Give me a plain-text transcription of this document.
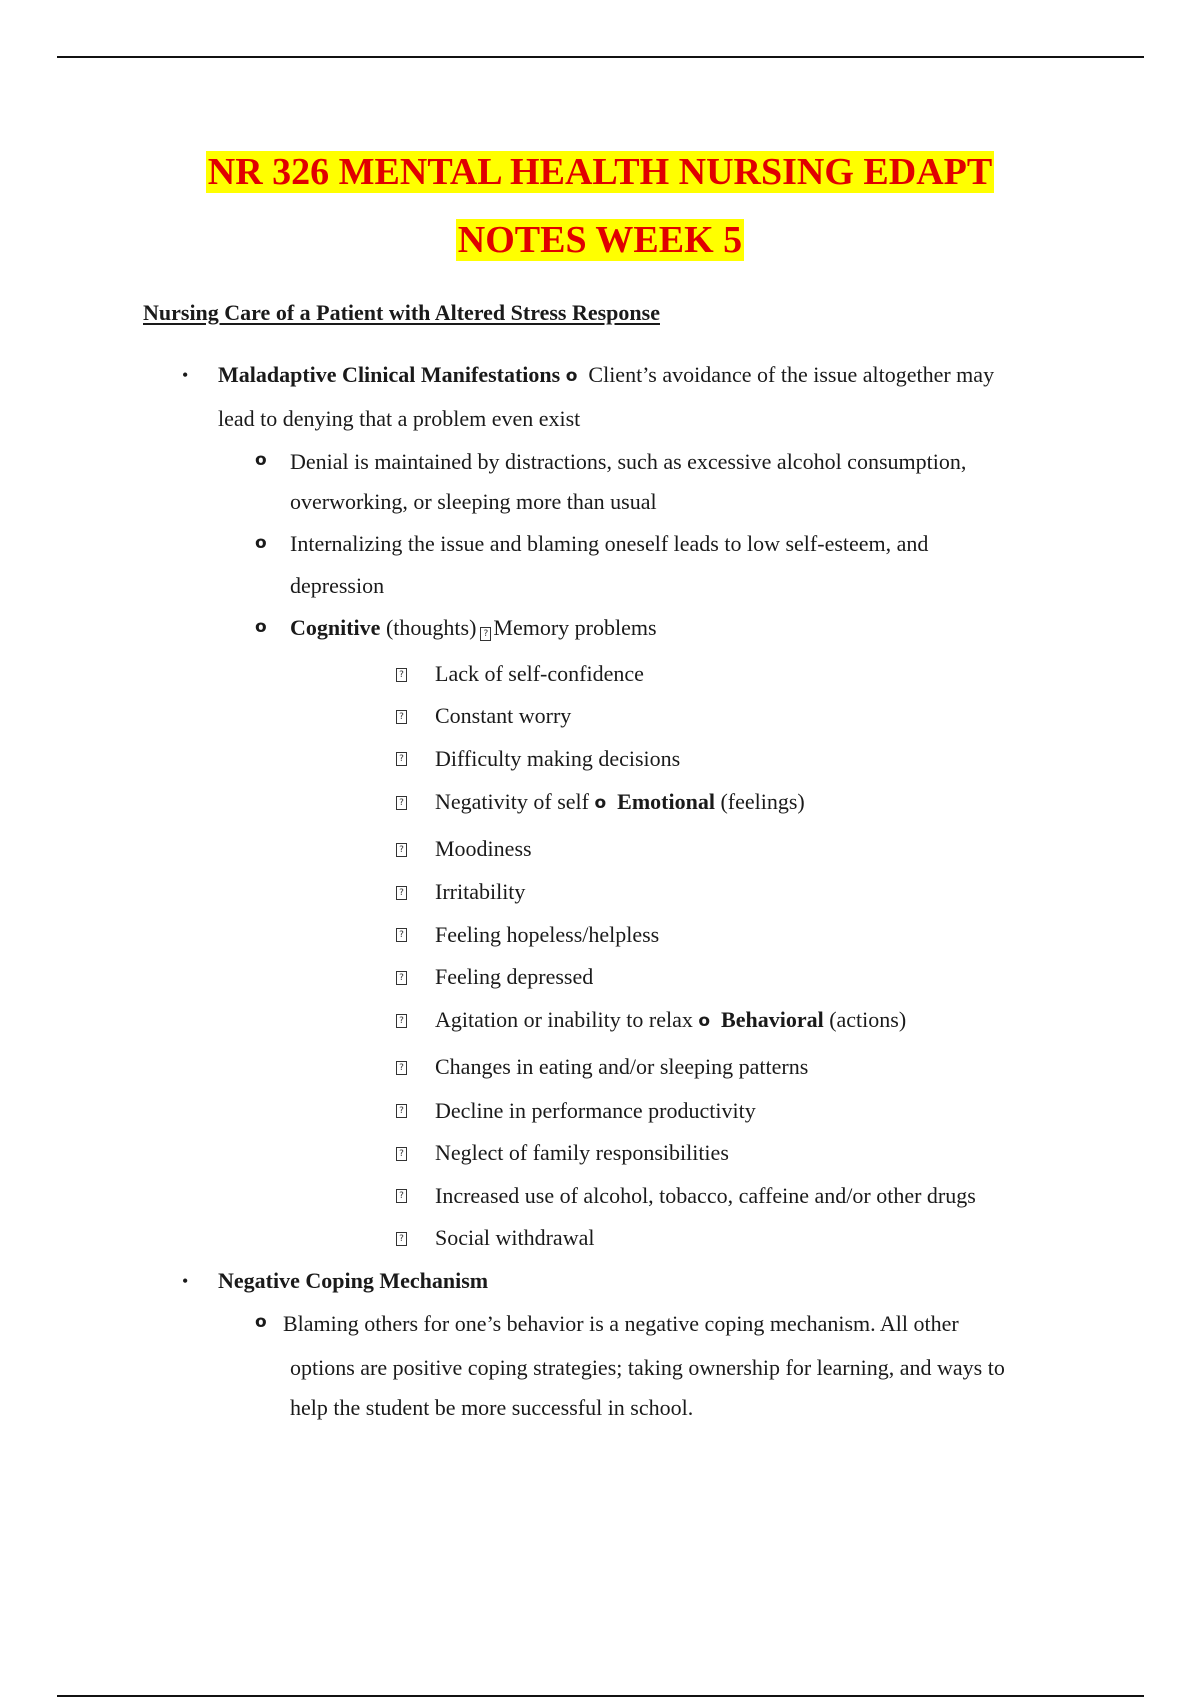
NR 326 MENTAL HEALTH NURSING EDAPT
NOTES WEEK 5
Nursing Care of a Patient with Altered Stress Response
• Maladaptive Clinical Manifestations o Client’s avoidance of the issue altogether may
lead to denying that a problem even exist
o Denial is maintained by distractions, such as excessive alcohol consumption,
overworking, or sleeping more than usual
o Internalizing the issue and blaming oneself leads to low self-esteem, and
depression
o Cognitive (thoughts) ? Memory problems
? Lack of self-confidence
? Constant worry
? Difficulty making decisions
? Negativity of self o Emotional (feelings)
? Moodiness
? Irritability
? Feeling hopeless/helpless
? Feeling depressed
? Agitation or inability to relax o Behavioral (actions)
? Changes in eating and/or sleeping patterns
? Decline in performance productivity
? Neglect of family responsibilities
? Increased use of alcohol, tobacco, caffeine and/or other drugs
? Social withdrawal
• Negative Coping Mechanism
o Blaming others for one’s behavior is a negative coping mechanism. All other
options are positive coping strategies; taking ownership for learning, and ways to
help the student be more successful in school.
